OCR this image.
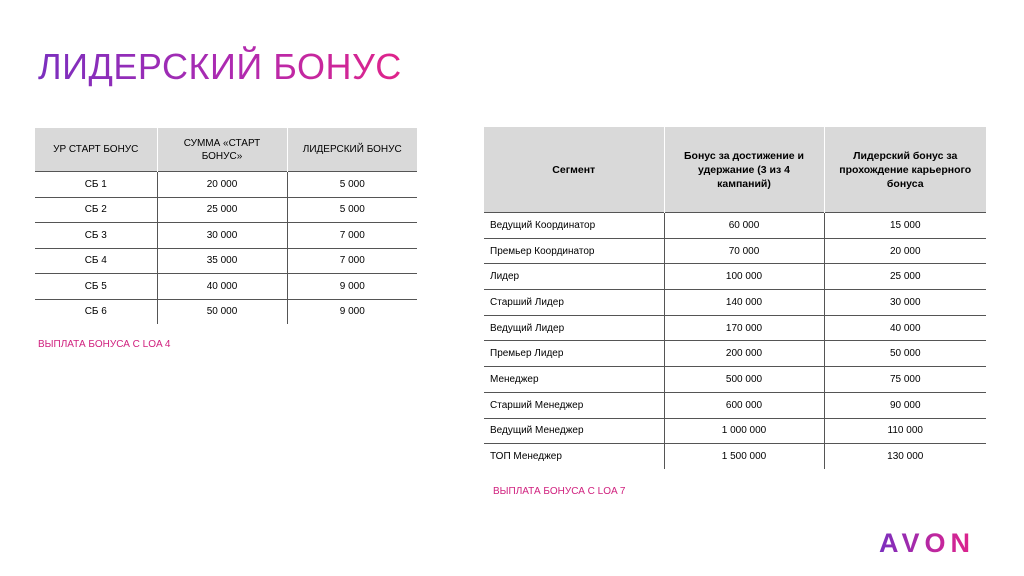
ЛИДЕРСКИЙ БОНУС
УР СТАРТ БОНУС	СУММА «СТАРТ БОНУС»	ЛИДЕРСКИЙ БОНУС
СБ 1	20 000	5 000
СБ 2	25 000	5 000
СБ 3	30 000	7 000
СБ 4	35 000	7 000
СБ 5	40 000	9 000
СБ 6	50 000	9 000
ВЫПЛАТА БОНУСА С LOA 4
Сегмент	Бонус за достижение и удержание (3 из 4 кампаний)	Лидерский бонус за прохождение карьерного бонуса
Ведущий Координатор	60 000	15 000
Премьер Координатор	70 000	20 000
Лидер	100 000	25 000
Старший Лидер	140 000	30 000
Ведущий Лидер	170 000	40 000
Премьер Лидер	200 000	50 000
Менеджер	500 000	75 000
Старший Менеджер	600 000	90 000
Ведущий Менеджер	1 000 000	110 000
ТОП Менеджер	1 500 000	130 000
ВЫПЛАТА БОНУСА С LOA 7
AVON
